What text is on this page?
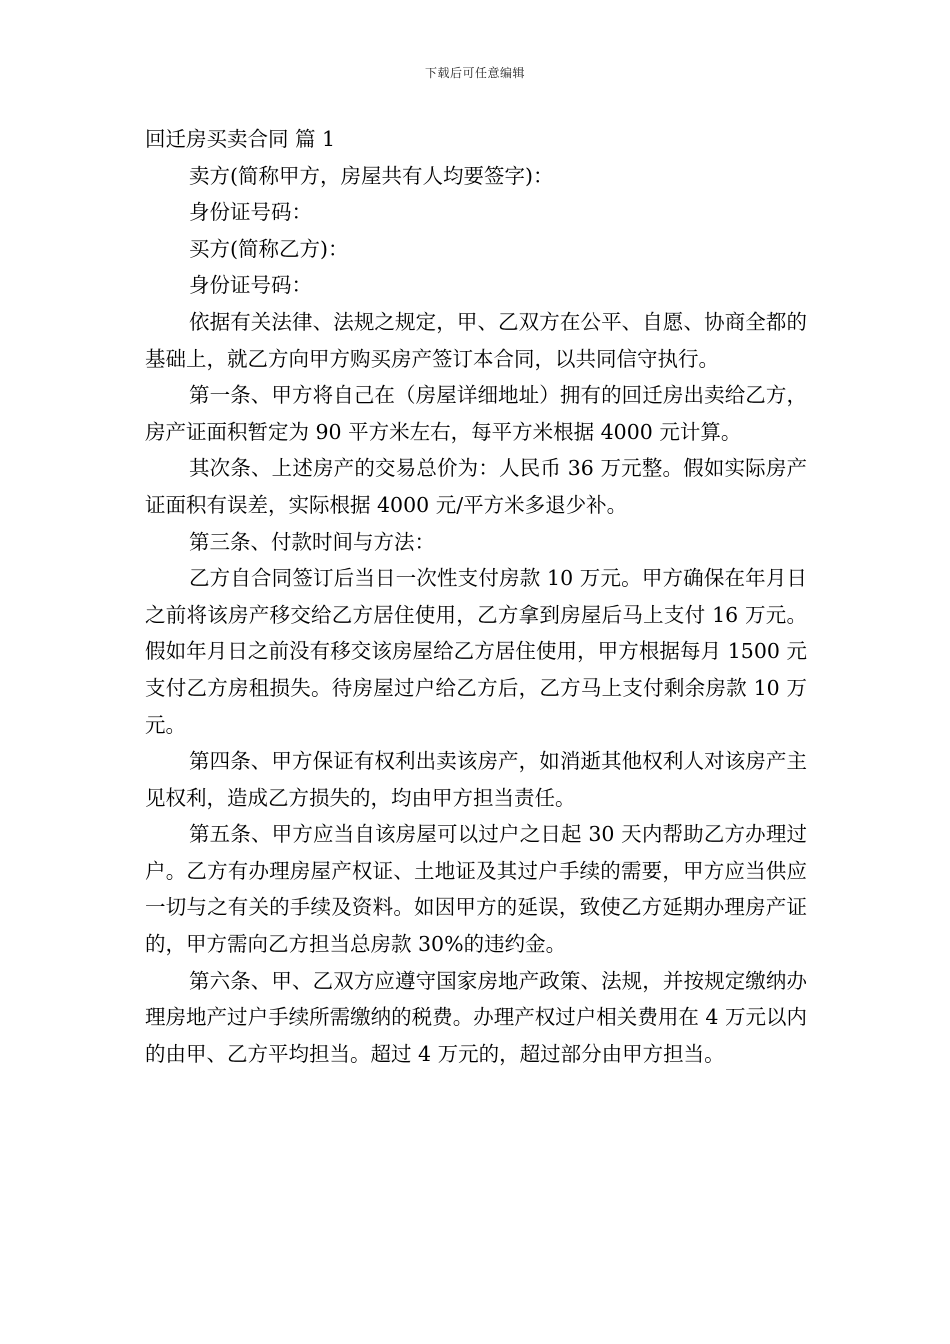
下载后可任意编辑

回迁房买卖合同 篇 1

卖方(简称甲方，房屋共有人均要签字)：

身份证号码：

买方(简称乙方)：

身份证号码：

依据有关法律、法规之规定，甲、乙双方在公平、自愿、协商全都的基础上，就乙方向甲方购买房产签订本合同，以共同信守执行。

第一条、甲方将自己在（房屋详细地址）拥有的回迁房出卖给乙方，房产证面积暂定为 90 平方米左右，每平方米根据 4000 元计算。

其次条、上述房产的交易总价为：人民币 36 万元整。假如实际房产证面积有误差，实际根据 4000 元/平方米多退少补。

第三条、付款时间与方法：

乙方自合同签订后当日一次性支付房款 10 万元。甲方确保在年月日之前将该房产移交给乙方居住使用，乙方拿到房屋后马上支付 16 万元。假如年月日之前没有移交该房屋给乙方居住使用，甲方根据每月 1500 元支付乙方房租损失。待房屋过户给乙方后，乙方马上支付剩余房款 10 万元。

第四条、甲方保证有权利出卖该房产，如消逝其他权利人对该房产主见权利，造成乙方损失的，均由甲方担当责任。

第五条、甲方应当自该房屋可以过户之日起 30 天内帮助乙方办理过户。乙方有办理房屋产权证、土地证及其过户手续的需要，甲方应当供应一切与之有关的手续及资料。如因甲方的延误，致使乙方延期办理房产证的，甲方需向乙方担当总房款 30%的违约金。

第六条、甲、乙双方应遵守国家房地产政策、法规，并按规定缴纳办理房地产过户手续所需缴纳的税费。办理产权过户相关费用在 4 万元以内的由甲、乙方平均担当。超过 4 万元的，超过部分由甲方担当。
